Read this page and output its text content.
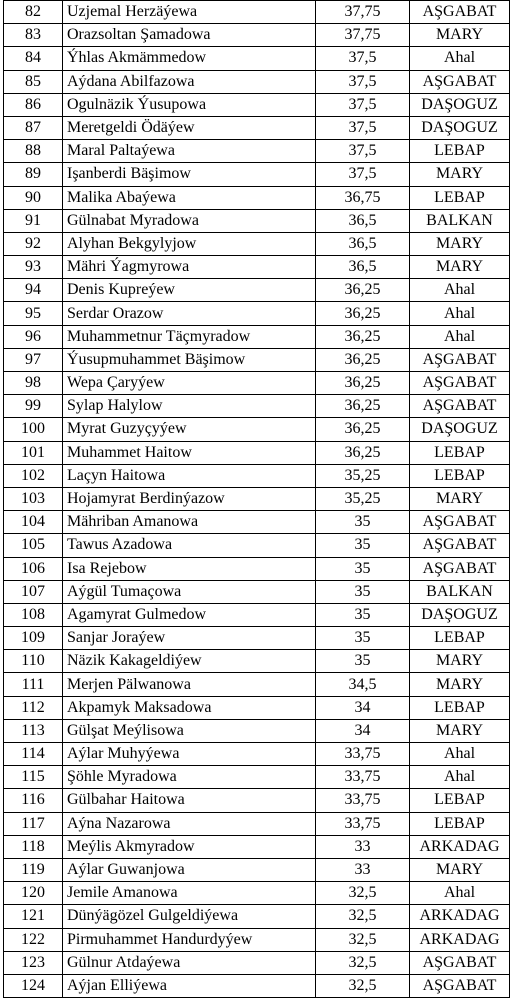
82	Uzjemal Herzäýewa	37,75	AŞGABAT
83	Orazsoltan Şamadowa	37,75	MARY
84	Ýhlas Akmämmedow	37,5	Ahal
85	Aýdana Abilfazowa	37,5	AŞGABAT
86	Ogulnäzik Ýusupowa	37,5	DAŞOGUZ
87	Meretgeldi Ödäýew	37,5	DAŞOGUZ
88	Maral Paltaýewa	37,5	LEBAP
89	Işanberdi Bäşimow	37,5	MARY
90	Malika Abaýewa	36,75	LEBAP
91	Gülnabat Myradowa	36,5	BALKAN
92	Alyhan Bekgylyjow	36,5	MARY
93	Mähri Ýagmyrowa	36,5	MARY
94	Denis Kupreýew	36,25	Ahal
95	Serdar Orazow	36,25	Ahal
96	Muhammetnur Täçmyradow	36,25	Ahal
97	Ýusupmuhammet Bäşimow	36,25	AŞGABAT
98	Wepa Çaryýew	36,25	AŞGABAT
99	Sylap Halylow	36,25	AŞGABAT
100	Myrat Guzyçyýew	36,25	DAŞOGUZ
101	Muhammet Haitow	36,25	LEBAP
102	Laçyn Haitowa	35,25	LEBAP
103	Hojamyrat Berdinýazow	35,25	MARY
104	Mähriban Amanowa	35	AŞGABAT
105	Tawus Azadowa	35	AŞGABAT
106	Isa Rejebow	35	AŞGABAT
107	Aýgül Tumaçowa	35	BALKAN
108	Agamyrat Gulmedow	35	DAŞOGUZ
109	Sanjar Joraýew	35	LEBAP
110	Näzik Kakageldiýew	35	MARY
111	Merjen Pälwanowa	34,5	MARY
112	Akpamyk Maksadowa	34	LEBAP
113	Gülşat Meýlisowa	34	MARY
114	Aýlar Muhyýewa	33,75	Ahal
115	Şöhle Myradowa	33,75	Ahal
116	Gülbahar Haitowa	33,75	LEBAP
117	Aýna Nazarowa	33,75	LEBAP
118	Meýlis Akmyradow	33	ARKADAG
119	Aýlar Guwanjowa	33	MARY
120	Jemile Amanowa	32,5	Ahal
121	Dünýägözel Gulgeldiýewa	32,5	ARKADAG
122	Pirmuhammet Handurdyýew	32,5	ARKADAG
123	Gülnur Atdaýewa	32,5	AŞGABAT
124	Aýjan Elliýewa	32,5	AŞGABAT
